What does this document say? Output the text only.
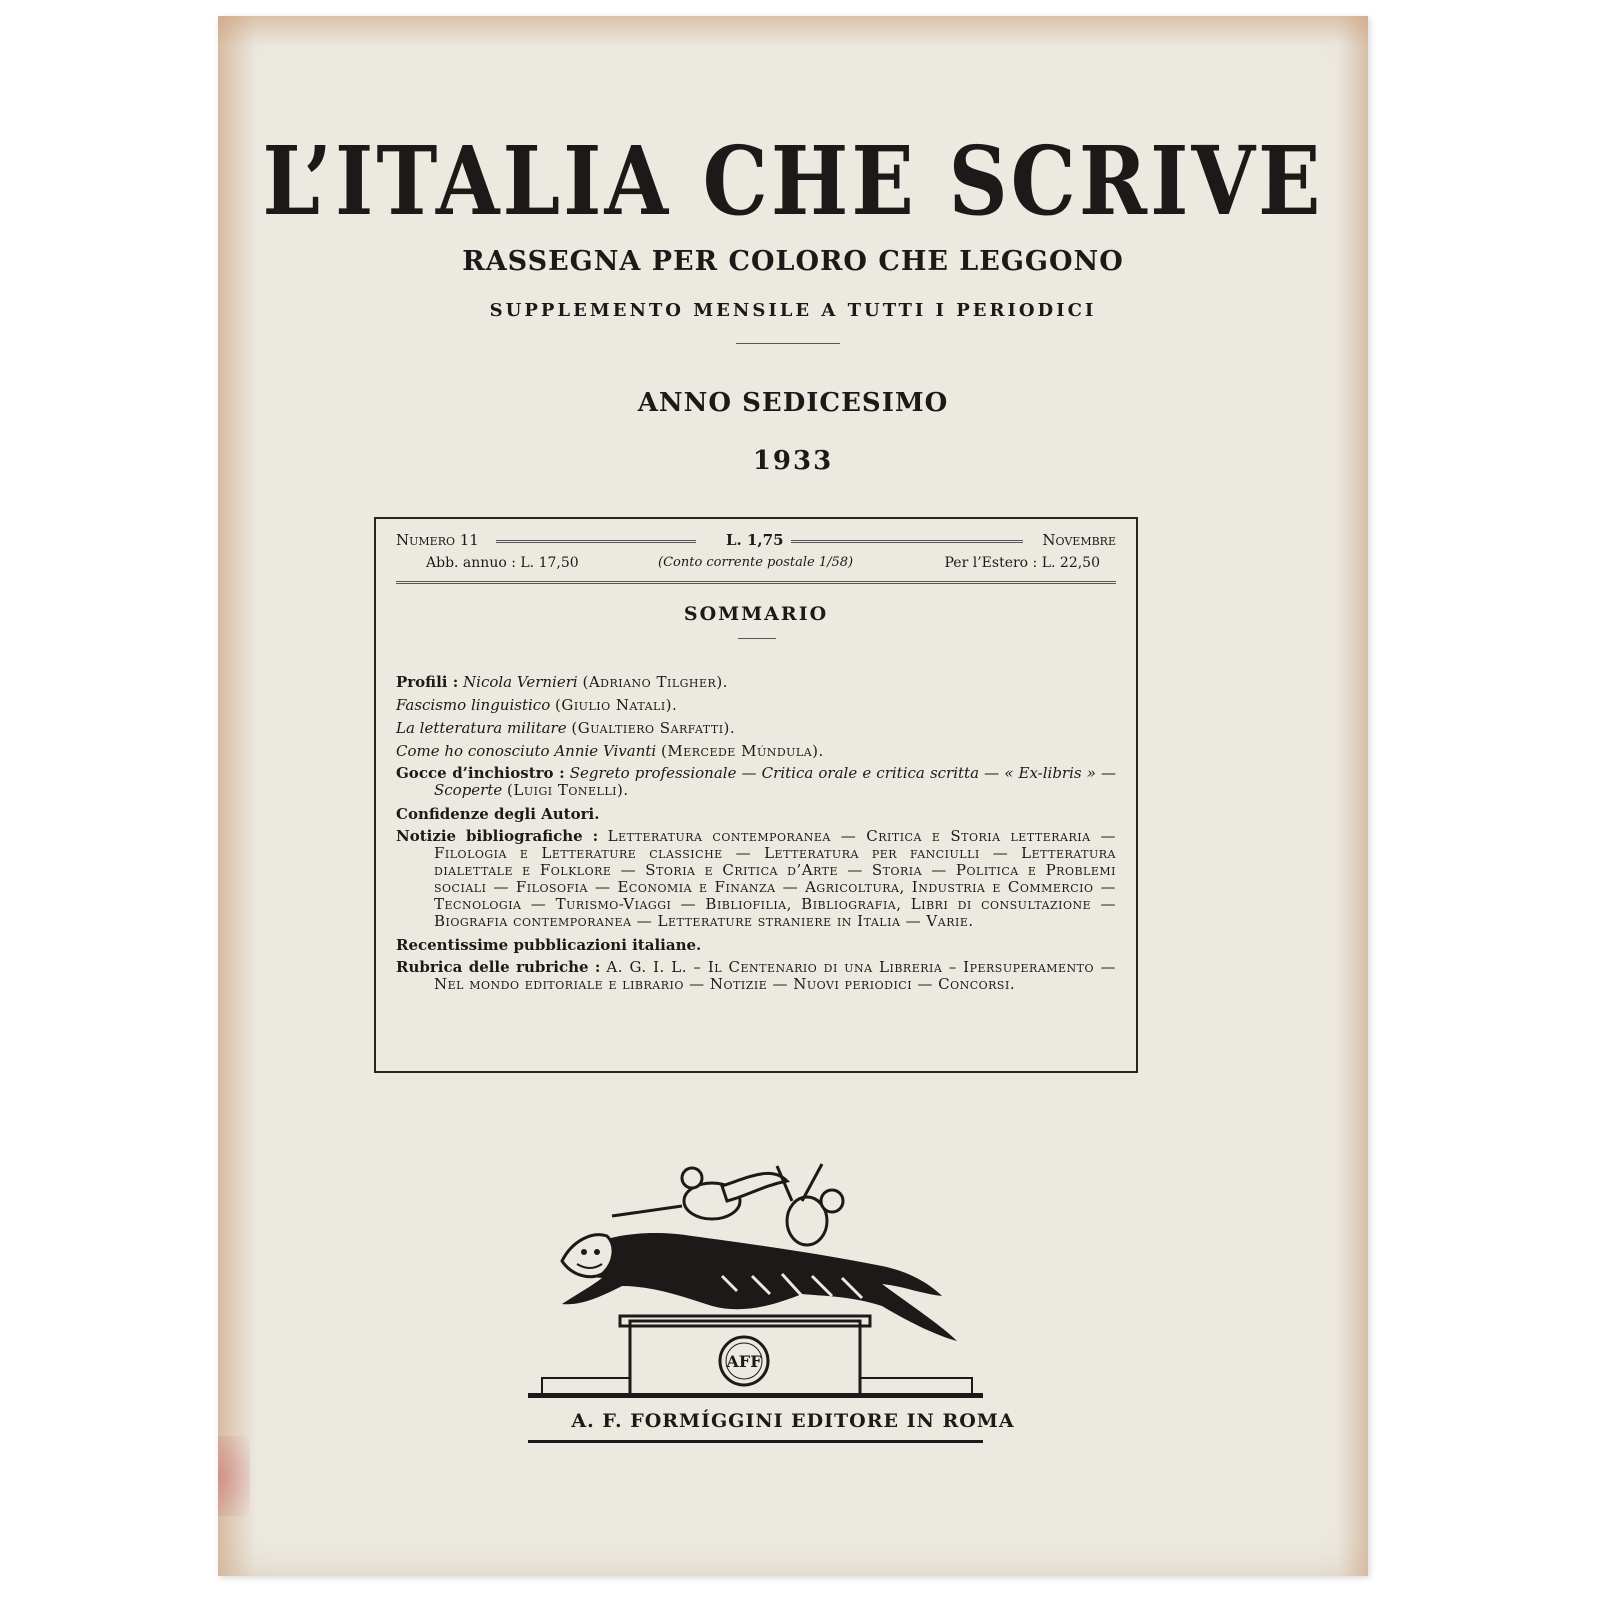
L’ITALIA CHE SCRIVE
RASSEGNA PER COLORO CHE LEGGONO
SUPPLEMENTO MENSILE A TUTTI I PERIODICI
ANNO SEDICESIMO
1933
Numero 11	L. 1,75	Novembre
Abb. annuo : L. 17,50	(Conto corrente postale 1/58)	Per l’Estero : L. 22,50
SOMMARIO

Profili : Nicola Vernieri (Adriano Tilgher).

Fascismo linguistico (Giulio Natali).

La letteratura militare (Gualtiero Sarfatti).

Come ho conosciuto Annie Vivanti (Mercede Múndula).

Gocce d’inchiostro : Segreto professionale — Critica orale e critica scritta — « Ex-libris » — Scoperte (Luigi Tonelli).

Confidenze degli Autori.

Notizie bibliografiche : Letteratura contemporanea — Critica e Storia letteraria — Filologia e Letterature classiche — Letteratura per fanciulli — Letteratura dialettale e Folklore — Storia e Critica d’Arte — Storia — Politica e Problemi sociali — Filosofia — Economia e Finanza — Agricoltura, Industria e Commercio — Tecnologia — Turismo-Viaggi — Bibliofilia, Bibliografia, Libri di consultazione — Biografia contemporanea — Letterature straniere in Italia — Varie.

Recentissime pubblicazioni italiane.

Rubrica delle rubriche : A. G. I. L. – Il Centenario di una Libreria – Ipersuperamento — Nel mondo editoriale e librario — Notizie — Nuovi periodici — Concorsi.

AFF
A. F. FORMÍGGINI EDITORE IN ROMA
